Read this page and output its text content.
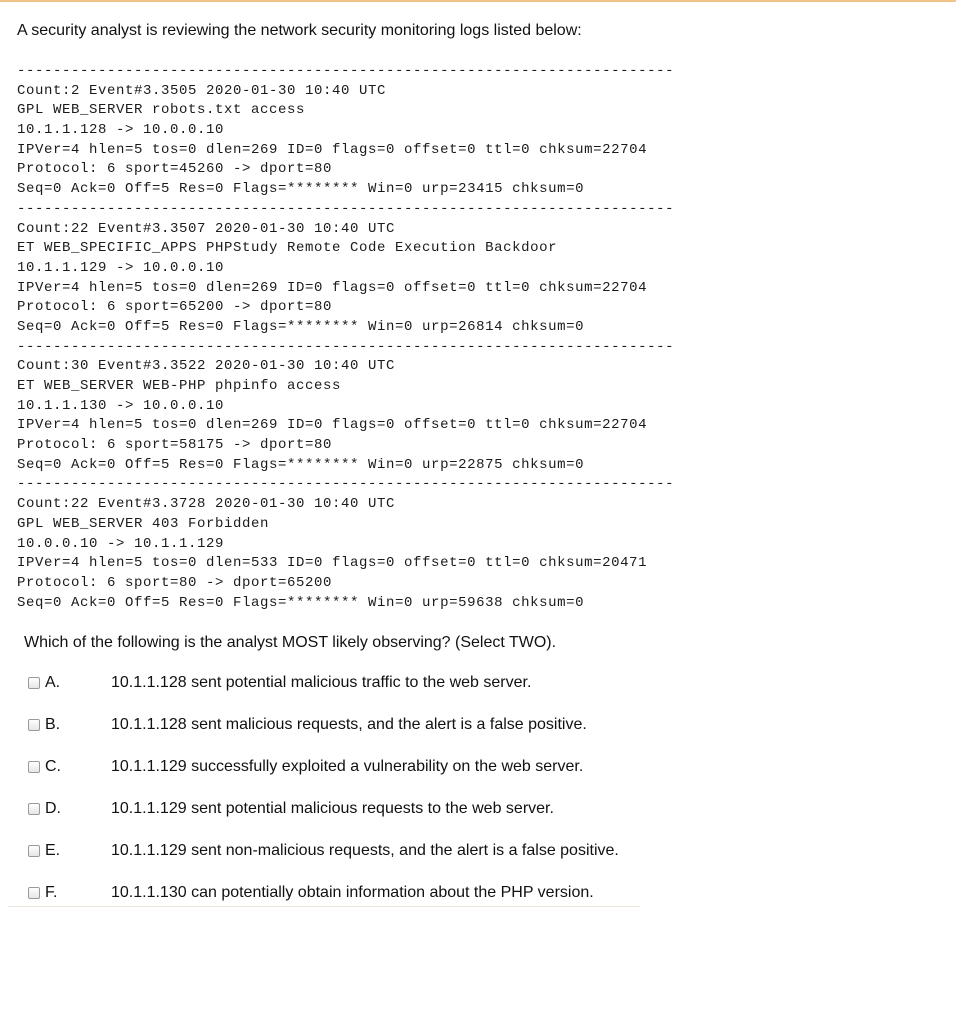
A security analyst is reviewing the network security monitoring logs listed below:
-------------------------------------------------------------------------
Count:2 Event#3.3505 2020-01-30 10:40 UTC
GPL WEB_SERVER robots.txt access
10.1.1.128 -> 10.0.0.10
IPVer=4 hlen=5 tos=0 dlen=269 ID=0 flags=0 offset=0 ttl=0 chksum=22704
Protocol: 6 sport=45260 -> dport=80
Seq=0 Ack=0 Off=5 Res=0 Flags=******** Win=0 urp=23415 chksum=0
-------------------------------------------------------------------------
Count:22 Event#3.3507 2020-01-30 10:40 UTC
ET WEB_SPECIFIC_APPS PHPStudy Remote Code Execution Backdoor
10.1.1.129 -> 10.0.0.10
IPVer=4 hlen=5 tos=0 dlen=269 ID=0 flags=0 offset=0 ttl=0 chksum=22704
Protocol: 6 sport=65200 -> dport=80
Seq=0 Ack=0 Off=5 Res=0 Flags=******** Win=0 urp=26814 chksum=0
-------------------------------------------------------------------------
Count:30 Event#3.3522 2020-01-30 10:40 UTC
ET WEB_SERVER WEB-PHP phpinfo access
10.1.1.130 -> 10.0.0.10
IPVer=4 hlen=5 tos=0 dlen=269 ID=0 flags=0 offset=0 ttl=0 chksum=22704
Protocol: 6 sport=58175 -> dport=80
Seq=0 Ack=0 Off=5 Res=0 Flags=******** Win=0 urp=22875 chksum=0
-------------------------------------------------------------------------
Count:22 Event#3.3728 2020-01-30 10:40 UTC
GPL WEB_SERVER 403 Forbidden
10.0.0.10 -> 10.1.1.129
IPVer=4 hlen=5 tos=0 dlen=533 ID=0 flags=0 offset=0 ttl=0 chksum=20471
Protocol: 6 sport=80 -> dport=65200
Seq=0 Ack=0 Off=5 Res=0 Flags=******** Win=0 urp=59638 chksum=0
Which of the following is the analyst MOST likely observing? (Select TWO).
A.	10.1.1.128 sent potential malicious traffic to the web server.
B.	10.1.1.128 sent malicious requests, and the alert is a false positive.
C.	10.1.1.129 successfully exploited a vulnerability on the web server.
D.	10.1.1.129 sent potential malicious requests to the web server.
E.	10.1.1.129 sent non-malicious requests, and the alert is a false positive.
F.	10.1.1.130 can potentially obtain information about the PHP version.
